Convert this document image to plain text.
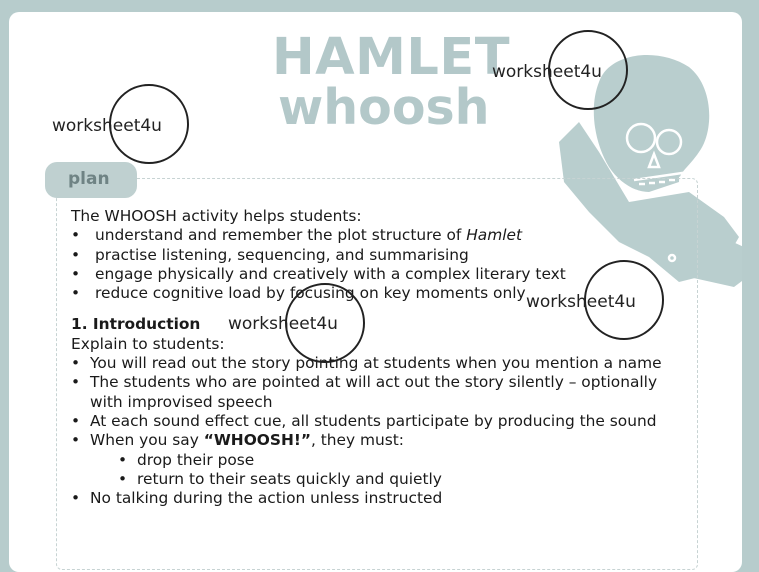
HAMLET
whoosh
plan

The WHOOSH activity helps students:

• understand and remember the plot structure of Hamlet
• practise listening, sequencing, and summarising
• engage physically and creatively with a complex literary text
• reduce cognitive load by focusing on key moments only

1. Introduction

Explain to students:

• You will read out the story pointing at students when you mention a name
• The students who are pointed at will act out the story silently – optionally with improvised speech
• At each sound effect cue, all students participate by producing the sound
• When you say “WHOOSH!”, they must:
• drop their pose
• return to their seats quickly and quietly
• No talking during the action unless instructed
worksheet4u
worksheet4u
worksheet4u
worksheet4u
